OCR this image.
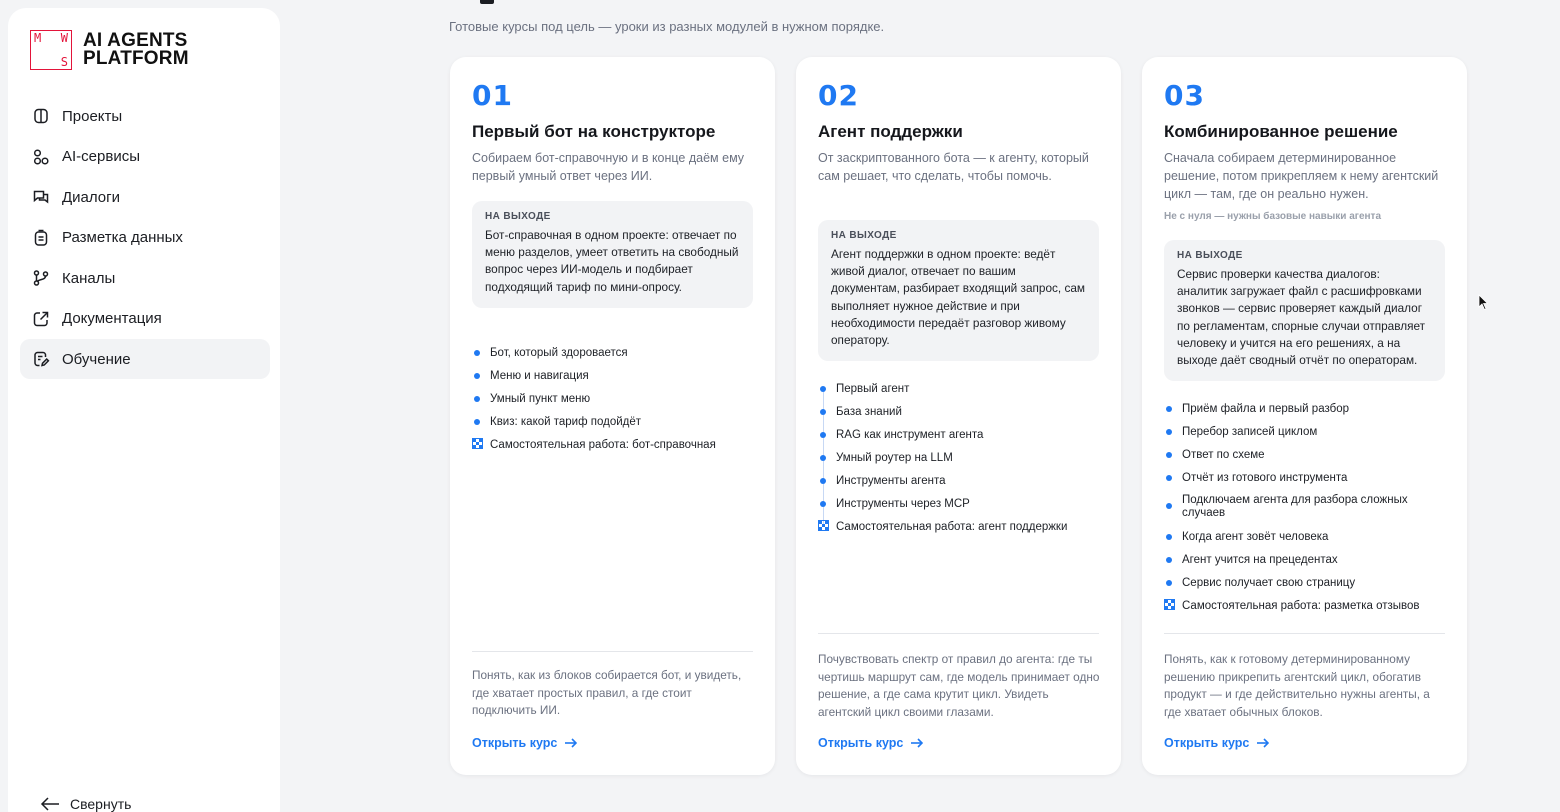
M W
S
AI AGENTS
PLATFORM
Проекты
AI-сервисы
Диалоги
Разметка данных
Каналы
Документация
Обучение
Свернуть
Готовые курсы под цель — уроки из разных модулей в нужном порядке.
01
Первый бот на конструкторе
Собираем бот-справочную и в конце даём ему первый умный ответ через ИИ.
НА ВЫХОДЕ
Бот-справочная в одном проекте: отвечает по меню разделов, умеет ответить на свободный вопрос через ИИ-модель и подбирает подходящий тариф по мини-опросу.
Бот, который здоровается
Меню и навигация
Умный пункт меню
Квиз: какой тариф подойдёт
Самостоятельная работа: бот-справочная
Понять, как из блоков собирается бот, и увидеть, где хватает простых правил, а где стоит подключить ИИ.
Открыть курс
02
Агент поддержки
От заскриптованного бота — к агенту, который сам решает, что сделать, чтобы помочь.
НА ВЫХОДЕ
Агент поддержки в одном проекте: ведёт живой диалог, отвечает по вашим документам, разбирает входящий запрос, сам выполняет нужное действие и при необходимости передаёт разговор живому оператору.
Первый агент
База знаний
RAG как инструмент агента
Умный роутер на LLM
Инструменты агента
Инструменты через MCP
Самостоятельная работа: агент поддержки
Почувствовать спектр от правил до агента: где ты чертишь маршрут сам, где модель принимает одно решение, а где сама крутит цикл. Увидеть агентский цикл своими глазами.
Открыть курс
03
Комбинированное решение
Сначала собираем детерминированное решение, потом прикрепляем к нему агентский цикл — там, где он реально нужен.
Не с нуля — нужны базовые навыки агента
НА ВЫХОДЕ
Сервис проверки качества диалогов: аналитик загружает файл с расшифровками звонков — сервис проверяет каждый диалог по регламентам, спорные случаи отправляет человеку и учится на его решениях, а на выходе даёт сводный отчёт по операторам.
Приём файла и первый разбор
Перебор записей циклом
Ответ по схеме
Отчёт из готового инструмента
Подключаем агента для разбора сложных случаев
Когда агент зовёт человека
Агент учится на прецедентах
Сервис получает свою страницу
Самостоятельная работа: разметка отзывов
Понять, как к готовому детерминированному решению прикрепить агентский цикл, обогатив продукт — и где действительно нужны агенты, а где хватает обычных блоков.
Открыть курс
